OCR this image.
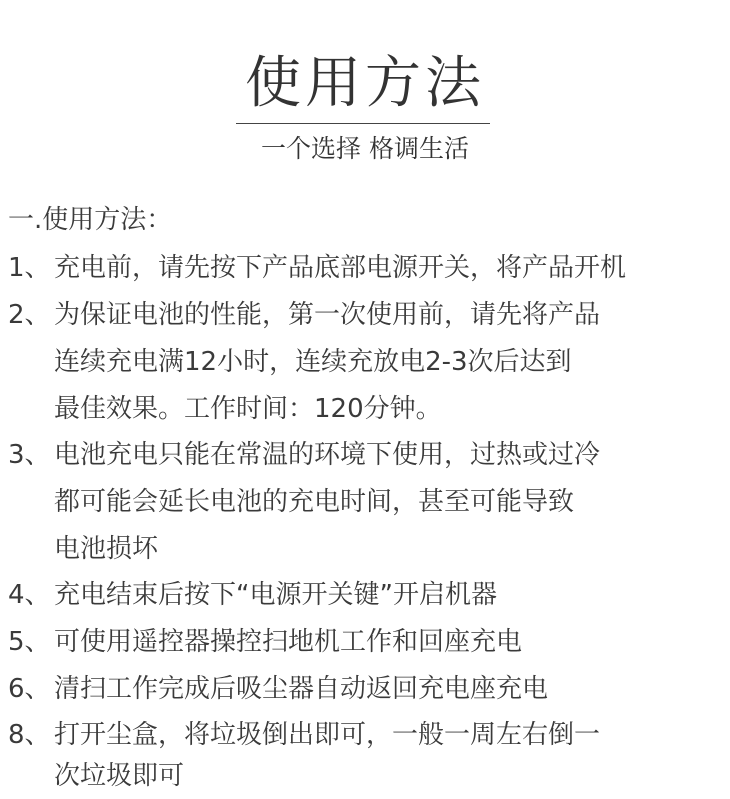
使用方法
一个选择 格调生活
一.使用方法：
1、 充电前，请先按下产品底部电源开关，将产品开机
2、 为保证电池的性能，第一次使用前，请先将产品
连续充电满12小时，连续充放电2-3次后达到
最佳效果。工作时间：120分钟。
3、 电池充电只能在常温的环境下使用，过热或过冷
都可能会延长电池的充电时间，甚至可能导致
电池损坏
4、 充电结束后按下“电源开关键”开启机器
5、 可使用遥控器操控扫地机工作和回座充电
6、 清扫工作完成后吸尘器自动返回充电座充电
8、 打开尘盒，将垃圾倒出即可，一般一周左右倒一
次垃圾即可
